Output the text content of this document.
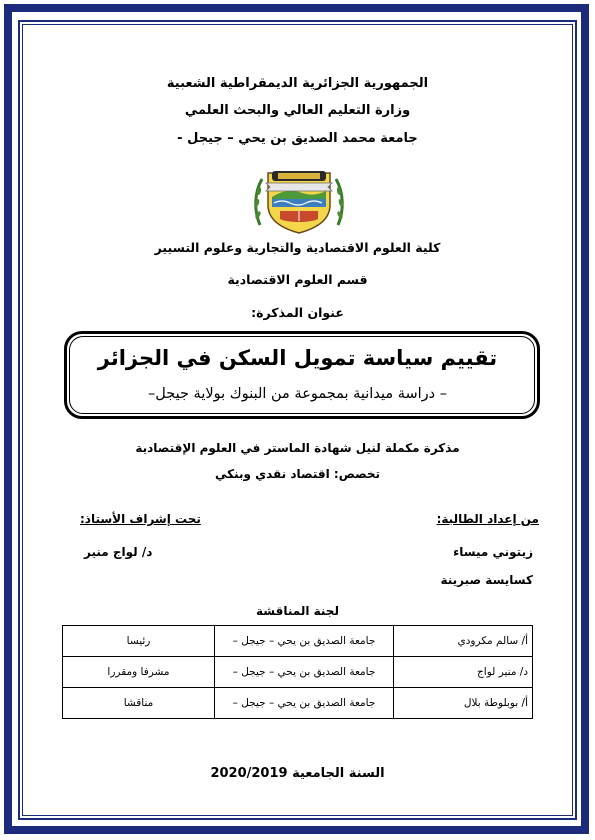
الجمهورية الجزائرية الديمقراطية الشعبية
وزارة التعليم العالي والبحث العلمي
جامعة محمد الصديق بن يحي – جيجل -
كلية العلوم الاقتصادية والتجارية وعلوم التسيير
قسم العلوم الاقتصادية
عنوان المذكرة:
تقييم سياسة تمويل السكن في الجزائر
– دراسة ميدانية بمجموعة من البنوك بولاية جيجل–
مذكرة مكملة لنيل شهادة الماستر في العلوم الإقتصادية
تخصص: اقتصاد نقدي وبنكي
من إعداد الطالبة:
زيتوني ميساء
كسايسة صبرينة
تحت إشراف الأستاذ:
د/ لواج منير
لجنة المناقشة
أ/ سالم مكرودي	جامعة الصديق بن يحي – جيجل –	رئيسا
د/ منير لواج	جامعة الصديق بن يحي – جيجل –	مشرفا ومقررا
أ/ بوبلوطة بلال	جامعة الصديق بن يحي – جيجل –	مناقشا
السنة الجامعية 2020/2019
